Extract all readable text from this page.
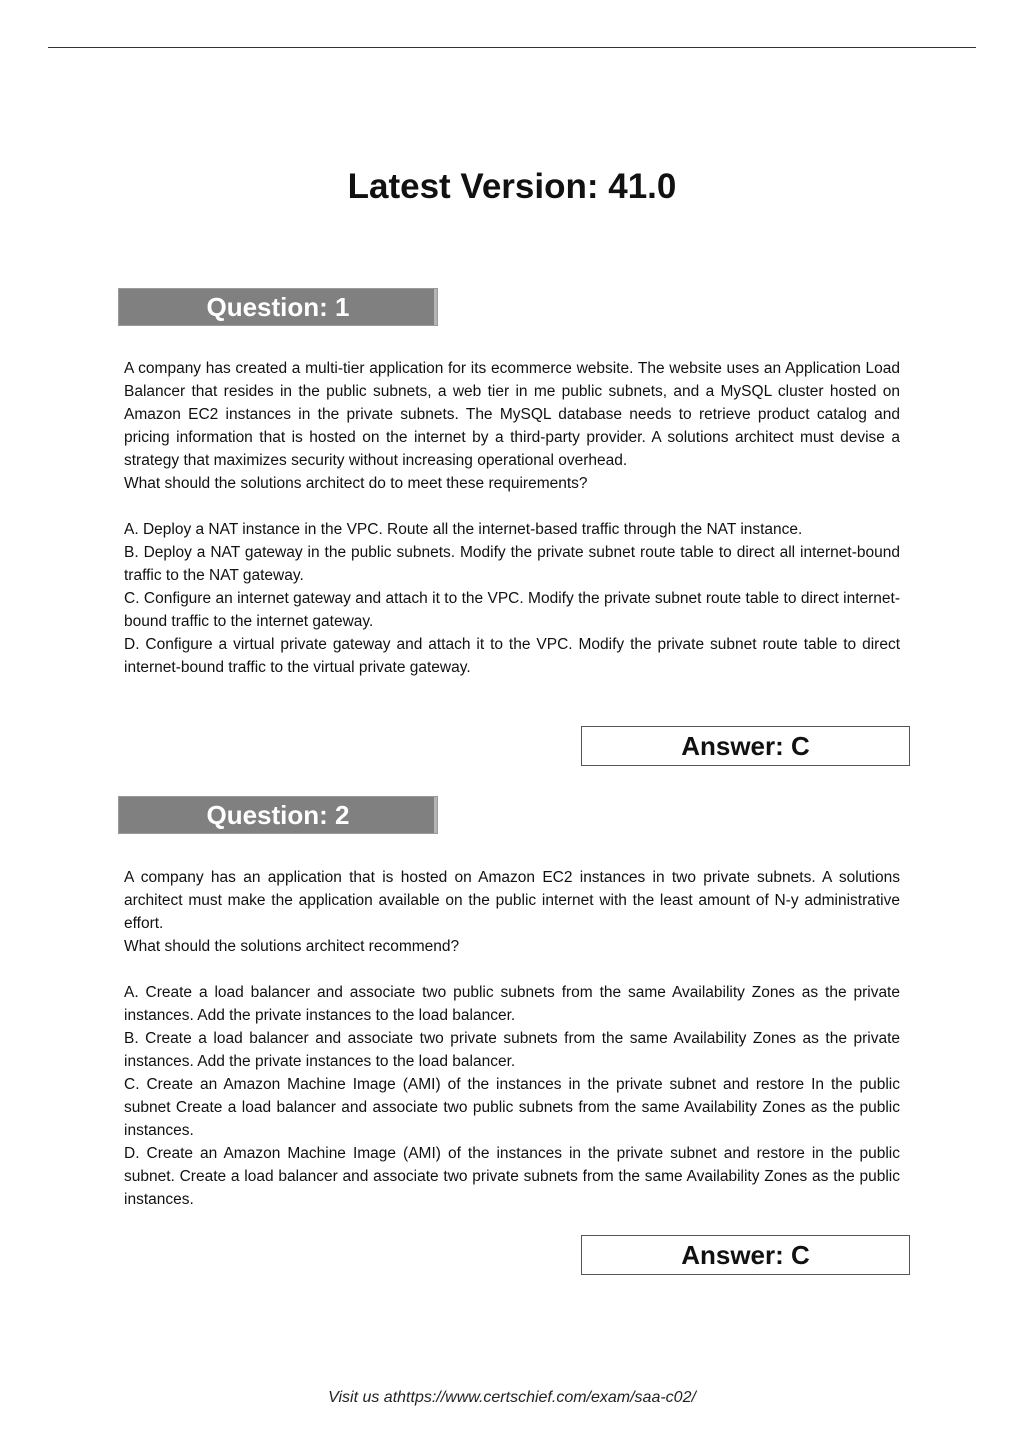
Latest Version: 41.0
Question: 1

A company has created a multi-tier application for its ecommerce website. The website uses an Application Load Balancer that resides in the public subnets, a web tier in me public subnets, and a MySQL cluster hosted on Amazon EC2 instances in the private subnets. The MySQL database needs to retrieve product catalog and pricing information that is hosted on the internet by a third-party provider. A solutions architect must devise a strategy that maximizes security without increasing operational overhead.

What should the solutions architect do to meet these requirements?

A. Deploy a NAT instance in the VPC. Route all the internet-based traffic through the NAT instance.

B. Deploy a NAT gateway in the public subnets. Modify the private subnet route table to direct all internet-bound traffic to the NAT gateway.

C. Configure an internet gateway and attach it to the VPC. Modify the private subnet route table to direct internet-bound traffic to the internet gateway.

D. Configure a virtual private gateway and attach it to the VPC. Modify the private subnet route table to direct internet-bound traffic to the virtual private gateway.

Answer: C
Question: 2

A company has an application that is hosted on Amazon EC2 instances in two private subnets. A solutions architect must make the application available on the public internet with the least amount of N-y administrative effort.

What should the solutions architect recommend?

A. Create a load balancer and associate two public subnets from the same Availability Zones as the private instances. Add the private instances to the load balancer.

B. Create a load balancer and associate two private subnets from the same Availability Zones as the private instances. Add the private instances to the load balancer.

C. Create an Amazon Machine Image (AMI) of the instances in the private subnet and restore In the public subnet Create a load balancer and associate two public subnets from the same Availability Zones as the public instances.

D. Create an Amazon Machine Image (AMI) of the instances in the private subnet and restore in the public subnet. Create a load balancer and associate two private subnets from the same Availability Zones as the public instances.

Answer: C
Visit us athttps://www.certschief.com/exam/saa-c02/
